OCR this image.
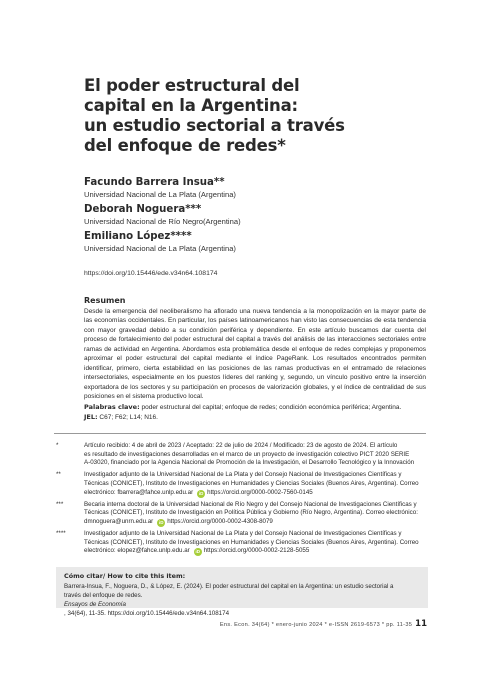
El poder estructural del
capital en la Argentina:
un estudio sectorial a través
del enfoque de redes*
Facundo Barrera Insua**
Universidad Nacional de La Plata (Argentina)
Deborah Noguera***
Universidad Nacional de Río Negro(Argentina)
Emiliano López****
Universidad Nacional de La Plata (Argentina)
https://doi.org/10.15446/ede.v34n64.108174
Resumen

Desde la emergencia del neoliberalismo ha aflorado una nueva tendencia a la monopolización en la mayor parte de las economías occidentales. En particular, los países latinoamericanos han visto las consecuencias de esta tendencia con mayor gravedad debido a su condición periférica y dependiente. En este artículo buscamos dar cuenta del proceso de fortalecimiento del poder estructural del capital a través del análisis de las interacciones sectoriales entre ramas de actividad en Argentina. Abordamos esta problemática desde el enfoque de redes complejas y proponemos aproximar el poder estructural del capital mediante el índice PageRank. Los resultados encontrados permiten identificar, primero, cierta estabilidad en las posiciones de las ramas productivas en el entramado de relaciones intersectoriales, especialmente en los puestos líderes del ranking y, segundo, un vínculo positivo entre la inserción exportadora de los sectores y su participación en procesos de valorización globales, y el índice de centralidad de sus posiciones en el sistema productivo local.

Palabras clave: poder estructural del capital; enfoque de redes; condición económica periférica; Argentina.

JEL: C67; F62; L14; N16.

*	Artículo recibido: 4 de abril de 2023 / Aceptado: 22 de julio de 2024 / Modificado: 23 de agosto de 2024. El artículo
es resultado de investigaciones desarrolladas en el marco de un proyecto de investigación colectivo PICT 2020 SERIE
A-03020, financiado por la Agencia Nacional de Promoción de la Investigación, el Desarrollo Tecnológico y la Innovación
**	Investigador adjunto de la Universidad Nacional de La Plata y del Consejo Nacional de Investigaciones Científicas y
Técnicas (CONICET), Instituto de Investigaciones en Humanidades y Ciencias Sociales (Buenos Aires, Argentina). Correo
electrónico: fbarrera@fahce.unlp.edu.ar iD https://orcid.org/0000-0002-7560-0145
***	Becaria interna doctoral de la Universidad Nacional de Río Negro y del Consejo Nacional de Investigaciones Científicas y
Técnicas (CONICET), Instituto de Investigación en Política Pública y Gobierno (Río Negro, Argentina). Correo electrónico:
dmnoguera@unrn.edu.ar iD https://orcid.org/0000-0002-4308-8079
****	Investigador adjunto de la Universidad Nacional de La Plata y del Consejo Nacional de Investigaciones Científicas y
Técnicas (CONICET), Instituto de Investigaciones en Humanidades y Ciencias Sociales (Buenos Aires, Argentina). Correo
electrónico: elopez@fahce.unlp.edu.ar iD https://orcid.org/0000-0002-2128-5055
Cómo citar/ How to cite this item:
Barrera-Insua, F., Noguera, D., & López, E. (2024). El poder estructural del capital en la Argentina: un estudio sectorial a
través del enfoque de redes.
Ensayos de Economía
, 34(64), 11-35. https://doi.org/10.15446/ede.v34n64.108174
Ens. Econ. 34(64) * enero-junio 2024 * e-ISSN 2619-6573 * pp. 11-35 11
